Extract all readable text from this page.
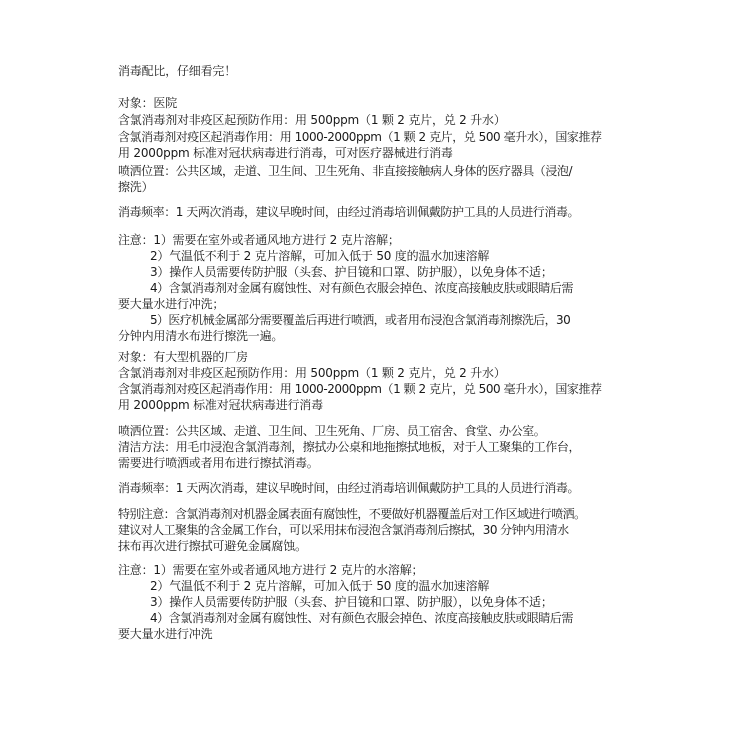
消毒配比，仔细看完！
对象：医院
含氯消毒剂对非疫区起预防作用：用 500ppm（1 颗 2 克片，兑 2 升水）
含氯消毒剂对疫区起消毒作用：用 1000-2000ppm（1 颗 2 克片，兑 500 毫升水），国家推荐
用 2000ppm 标准对冠状病毒进行消毒，可对医疗器械进行消毒
喷洒位置：公共区域，走道、卫生间、卫生死角、非直接接触病人身体的医疗器具（浸泡/
擦洗）
消毒频率：1 天两次消毒，建议早晚时间，由经过消毒培训佩戴防护工具的人员进行消毒。
注意：1）需要在室外或者通风地方进行 2 克片溶解；
2）气温低不利于 2 克片溶解，可加入低于 50 度的温水加速溶解
3）操作人员需要传防护服（头套、护目镜和口罩、防护服），以免身体不适；
4）含氯消毒剂对金属有腐蚀性、对有颜色衣服会掉色、浓度高接触皮肤或眼睛后需
要大量水进行冲洗；
5）医疗机械金属部分需要覆盖后再进行喷洒，或者用布浸泡含氯消毒剂擦洗后，30
分钟内用清水布进行擦洗一遍。
对象：有大型机器的厂房
含氯消毒剂对非疫区起预防作用：用 500ppm（1 颗 2 克片，兑 2 升水）
含氯消毒剂对疫区起消毒作用：用 1000-2000ppm（1 颗 2 克片，兑 500 毫升水），国家推荐
用 2000ppm 标准对冠状病毒进行消毒
喷洒位置：公共区域、走道、卫生间、卫生死角、厂房、员工宿舍、食堂、办公室。
清洁方法：用毛巾浸泡含氯消毒剂，擦拭办公桌和地拖擦拭地板，对于人工聚集的工作台，
需要进行喷洒或者用布进行擦拭消毒。
消毒频率：1 天两次消毒，建议早晚时间，由经过消毒培训佩戴防护工具的人员进行消毒。
特别注意：含氯消毒剂对机器金属表面有腐蚀性，不要做好机器覆盖后对工作区域进行喷洒。
建议对人工聚集的含金属工作台，可以采用抹布浸泡含氯消毒剂后擦拭，30 分钟内用清水
抹布再次进行擦拭可避免金属腐蚀。
注意：1）需要在室外或者通风地方进行 2 克片的水溶解；
2）气温低不利于 2 克片溶解，可加入低于 50 度的温水加速溶解
3）操作人员需要传防护服（头套、护目镜和口罩、防护服），以免身体不适；
4）含氯消毒剂对金属有腐蚀性、对有颜色衣服会掉色、浓度高接触皮肤或眼睛后需
要大量水进行冲洗
